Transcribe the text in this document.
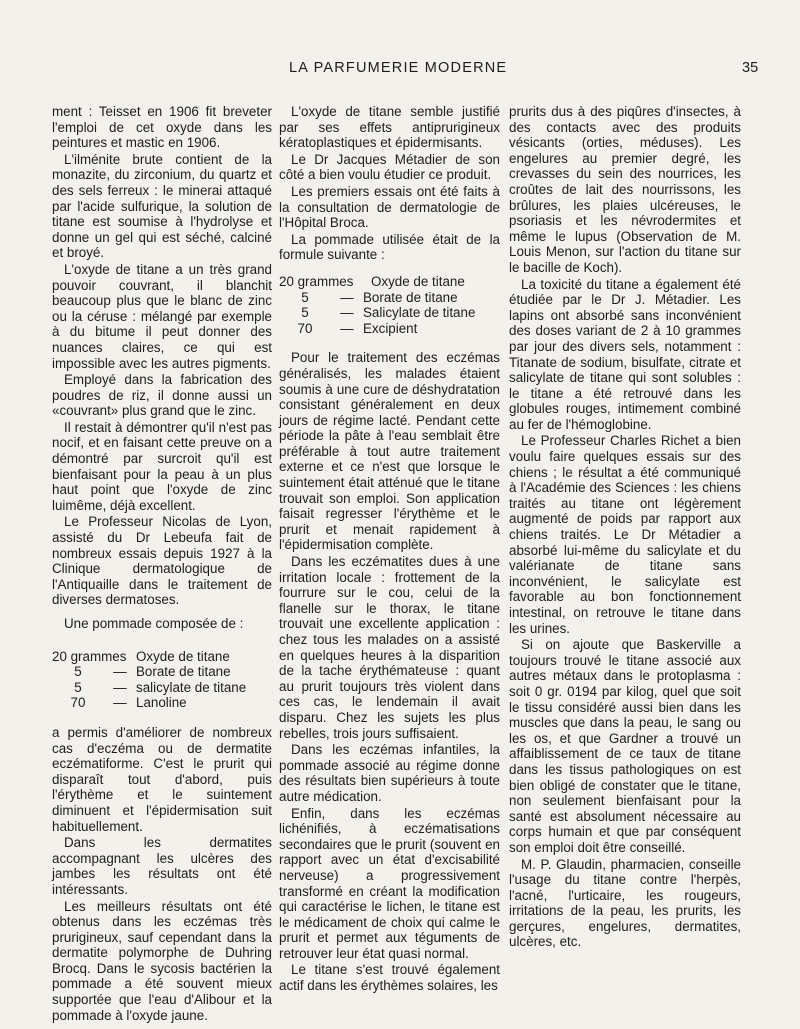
LA PARFUMERIE MODERNE	35

ment : Teisset en 1906 fit breveter l'emploi de cet oxyde dans les peintures et mastic en 1906.

L'ilménite brute contient de la monazite, du zirconium, du quartz et des sels ferreux : le minerai attaqué par l'acide sulfurique, la solution de titane est soumise à l'hydrolyse et donne un gel qui est séché, calciné et broyé.

L'oxyde de titane a un très grand pouvoir couvrant, il blanchit beaucoup plus que le blanc de zinc ou la céruse : mélangé par exemple à du bitume il peut donner des nuances claires, ce qui est impossible avec les autres pigments.

Employé dans la fabrication des poudres de riz, il donne aussi un «couvrant» plus grand que le zinc.

Il restait à démontrer qu'il n'est pas nocif, et en faisant cette preuve on a démontré par surcroit qu'il est bienfaisant pour la peau à un plus haut point que l'oxyde de zinc luimême, déjà excellent.

Le Professeur Nicolas de Lyon, assisté du Dr Lebeufa fait de nombreux essais depuis 1927 à la Clinique dermatologique de l'Antiquaille dans le traitement de diverses dermatoses.

Une pommade composée de :

20 grammes Oxyde de titane
5	— Borate de titane
5	— salicylate de titane
70	— Lanoline

a permis d'améliorer de nombreux cas d'eczéma ou de dermatite eczématiforme. C'est le prurit qui disparaît tout d'abord, puis l'érythème et le suintement diminuent et l'épidermisation suit habituellement.

Dans les dermatites accompagnant les ulcères des jambes les résultats ont été intéressants.

Les meilleurs résultats ont été obtenus dans les eczémas très prurigineux, sauf cependant dans la dermatite polymorphe de Duhring Brocq. Dans le sycosis bactérien la pommade a été souvent mieux supportée que l'eau d'Alibour et la pommade à l'oxyde jaune.

L'oxyde de titane semble justifié par ses effets antiprurigineux kératoplastiques et épidermisants.

Le Dr Jacques Métadier de son côté a bien voulu étudier ce produit.

Les premiers essais ont été faits à la consultation de dermatologie de l'Hôpital Broca.

La pommade utilisée était de la formule suivante :

20 grammes	Oxyde de titane
5	— Borate de titane
5	— Salicylate de titane
70	— Excipient

Pour le traitement des eczémas généralisés, les malades étaient soumis à une cure de déshydratation consistant généralement en deux jours de régime lacté. Pendant cette période la pâte à l'eau semblait être préférable à tout autre traitement externe et ce n'est que lorsque le suintement était atténué que le titane trouvait son emploi. Son application faisait regresser l'érythème et le prurit et menait rapidement à l'épidermisation complète.

Dans les eczématites dues à une irritation locale : frottement de la fourrure sur le cou, celui de la flanelle sur le thorax, le titane trouvait une excellente application : chez tous les malades on a assisté en quelques heures à la disparition de la tache érythémateuse : quant au prurit toujours très violent dans ces cas, le lendemain il avait disparu. Chez les sujets les plus rebelles, trois jours suffisaient.

Dans les eczémas infantiles, la pommade associé au régime donne des résultats bien supérieurs à toute autre médication.

Enfin, dans les eczémas lichénifiés, à eczématisations secondaires que le prurit (souvent en rapport avec un état d'excisabilité nerveuse) a progressivement transformé en créant la modification qui caractérise le lichen, le titane est le médicament de choix qui calme le prurit et permet aux téguments de retrouver leur état quasi normal.

Le titane s'est trouvé également actif dans les érythèmes solaires, les

prurits dus à des piqûres d'insectes, à des contacts avec des produits vésicants (orties, méduses). Les engelures au premier degré, les crevasses du sein des nourrices, les croûtes de lait des nourrissons, les brûlures, les plaies ulcéreuses, le psoriasis et les névrodermites et même le lupus (Observation de M. Louis Menon, sur l'action du titane sur le bacille de Koch).

La toxicité du titane a également été étudiée par le Dr J. Métadier. Les lapins ont absorbé sans inconvénient des doses variant de 2 à 10 grammes par jour des divers sels, notamment : Titanate de sodium, bisulfate, citrate et salicylate de titane qui sont solubles : le titane a été retrouvé dans les globules rouges, intimement combiné au fer de l'hémoglobine.

Le Professeur Charles Richet a bien voulu faire quelques essais sur des chiens ; le résultat a été communiqué à l'Académie des Sciences : les chiens traités au titane ont légèrement augmenté de poids par rapport aux chiens traités. Le Dr Métadier a absorbé lui-même du salicylate et du valérianate de titane sans inconvénient, le salicylate est favorable au bon fonctionnement intestinal, on retrouve le titane dans les urines.

Si on ajoute que Baskerville a toujours trouvé le titane associé aux autres métaux dans le protoplasma : soit 0 gr. 0194 par kilog, quel que soit le tissu considéré aussi bien dans les muscles que dans la peau, le sang ou les os, et que Gardner a trouvé un affaiblissement de ce taux de titane dans les tissus pathologiques on est bien obligé de constater que le titane, non seulement bienfaisant pour la santé est absolument nécessaire au corps humain et que par conséquent son emploi doit être conseillé.

M. P. Glaudin, pharmacien, conseille l'usage du titane contre l'herpès, l'acné, l'urticaire, les rougeurs, irritations de la peau, les prurits, les gerçures, engelures, dermatites, ulcères, etc.
